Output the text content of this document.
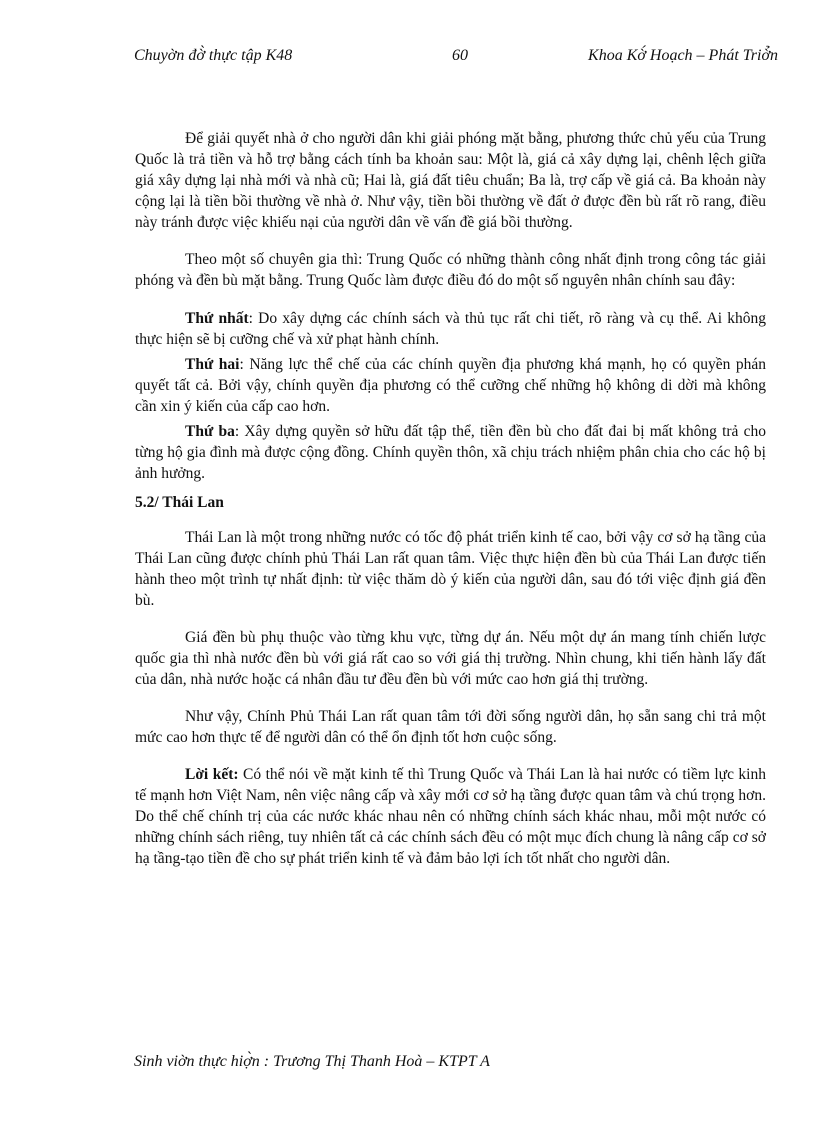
Chuyờn đờ̀ thực tập K48	60	Khoa Kờ́ Hoạch – Phát Triờ̉n

Để giải quyết nhà ở cho người dân khi giải phóng mặt bằng, phương thức chủ yếu của Trung Quốc là trả tiền và hỗ trợ bằng cách tính ba khoản sau: Một là, giá cả xây dựng lại, chênh lệch giữa giá xây dựng lại nhà mới và nhà cũ; Hai là, giá đất tiêu chuẩn; Ba là, trợ cấp về giá cả. Ba khoản này cộng lại là tiền bồi thường về nhà ở. Như vậy, tiền bồi thường về đất ở được đền bù rất rõ rang, điều này tránh được việc khiếu nại của người dân về vấn đề giá bồi thường.

Theo một số chuyên gia thì: Trung Quốc có những thành công nhất định trong công tác giải phóng và đền bù mặt bằng. Trung Quốc làm được điều đó do một số nguyên nhân chính sau đây:

Thứ nhất: Do xây dựng các chính sách và thủ tục rất chi tiết, rõ ràng và cụ thể. Ai không thực hiện sẽ bị cưỡng chế và xử phạt hành chính.

Thứ hai: Năng lực thể chế của các chính quyền địa phương khá mạnh, họ có quyền phán quyết tất cả. Bởi vậy, chính quyền địa phương có thể cưỡng chế những hộ không di dời mà không cần xin ý kiến của cấp cao hơn.

Thứ ba: Xây dựng quyền sở hữu đất tập thể, tiền đền bù cho đất đai bị mất không trả cho từng hộ gia đình mà được cộng đồng. Chính quyền thôn, xã chịu trách nhiệm phân chia cho các hộ bị ảnh hưởng.

5.2/ Thái Lan

Thái Lan là một trong những nước có tốc độ phát triển kinh tế cao, bởi vậy cơ sở hạ tầng của Thái Lan cũng được chính phủ Thái Lan rất quan tâm. Việc thực hiện đền bù của Thái Lan được tiến hành theo một trình tự nhất định: từ việc thăm dò ý kiến của người dân, sau đó tới việc định giá đền bù.

Giá đền bù phụ thuộc vào từng khu vực, từng dự án. Nếu một dự án mang tính chiến lược quốc gia thì nhà nước đền bù với giá rất cao so với giá thị trường. Nhìn chung, khi tiến hành lấy đất của dân, nhà nước hoặc cá nhân đầu tư đều đền bù với mức cao hơn giá thị trường.

Như vậy, Chính Phủ Thái Lan rất quan tâm tới đời sống người dân, họ sẵn sang chi trả một mức cao hơn thực tế để người dân có thể ổn định tốt hơn cuộc sống.

Lời kết: Có thể nói về mặt kinh tế thì Trung Quốc và Thái Lan là hai nước có tiềm lực kinh tế mạnh hơn Việt Nam, nên việc nâng cấp và xây mới cơ sở hạ tầng được quan tâm và chú trọng hơn. Do thể chế chính trị của các nước khác nhau nên có những chính sách khác nhau, mỗi một nước có những chính sách riêng, tuy nhiên tất cả các chính sách đều có một mục đích chung là nâng cấp cơ sở hạ tầng-tạo tiền đề cho sự phát triển kinh tế và đảm bảo lợi ích tốt nhất cho người dân.

Sinh viờn thực hiợ̀n : Trương Thị Thanh Hoà – KTPT A
